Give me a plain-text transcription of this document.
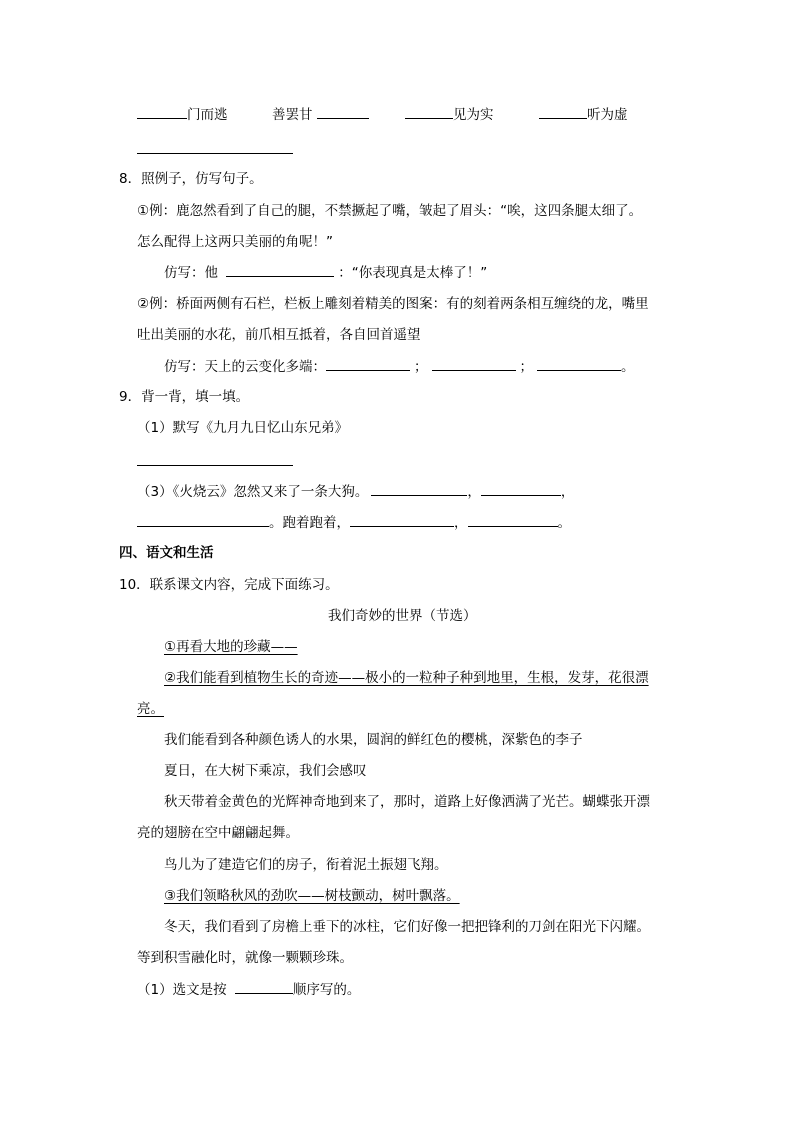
门而逃	善罢甘	见为实	听为虚
8．照例子，仿写句子。
①例：鹿忽然看到了自己的腿，不禁撅起了嘴，皱起了眉头：“唉，这四条腿太细了。
怎么配得上这两只美丽的角呢！”
仿写：他	：“你表现真是太棒了！”
②例：桥面两侧有石栏，栏板上雕刻着精美的图案：有的刻着两条相互缠绕的龙，嘴里
吐出美丽的水花，前爪相互抵着，各自回首遥望
仿写：天上的云变化多端：	；	；	。
9．背一背，填一填。
（1）默写《九月九日忆山东兄弟》
（3）《火烧云》忽然又来了一条大狗。	，	，
。跑着跑着，	，	。
四、语文和生活
10．联系课文内容，完成下面练习。
我们奇妙的世界（节选）
①再看大地的珍藏——
②我们能看到植物生长的奇迹——极小的一粒种子种到地里，生根，发芽，花很漂
亮。
我们能看到各种颜色诱人的水果，圆润的鲜红色的樱桃，深紫色的李子
夏日，在大树下乘凉，我们会感叹
秋天带着金黄色的光辉神奇地到来了，那时，道路上好像洒满了光芒。蝴蝶张开漂
亮的翅膀在空中翩翩起舞。
鸟儿为了建造它们的房子，衔着泥土振翅飞翔。
③我们领略秋风的劲吹——树枝颤动，树叶飘落。
冬天，我们看到了房檐上垂下的冰柱，它们好像一把把锋利的刀剑在阳光下闪耀。
等到积雪融化时，就像一颗颗珍珠。
（1）选文是按	顺序写的。
